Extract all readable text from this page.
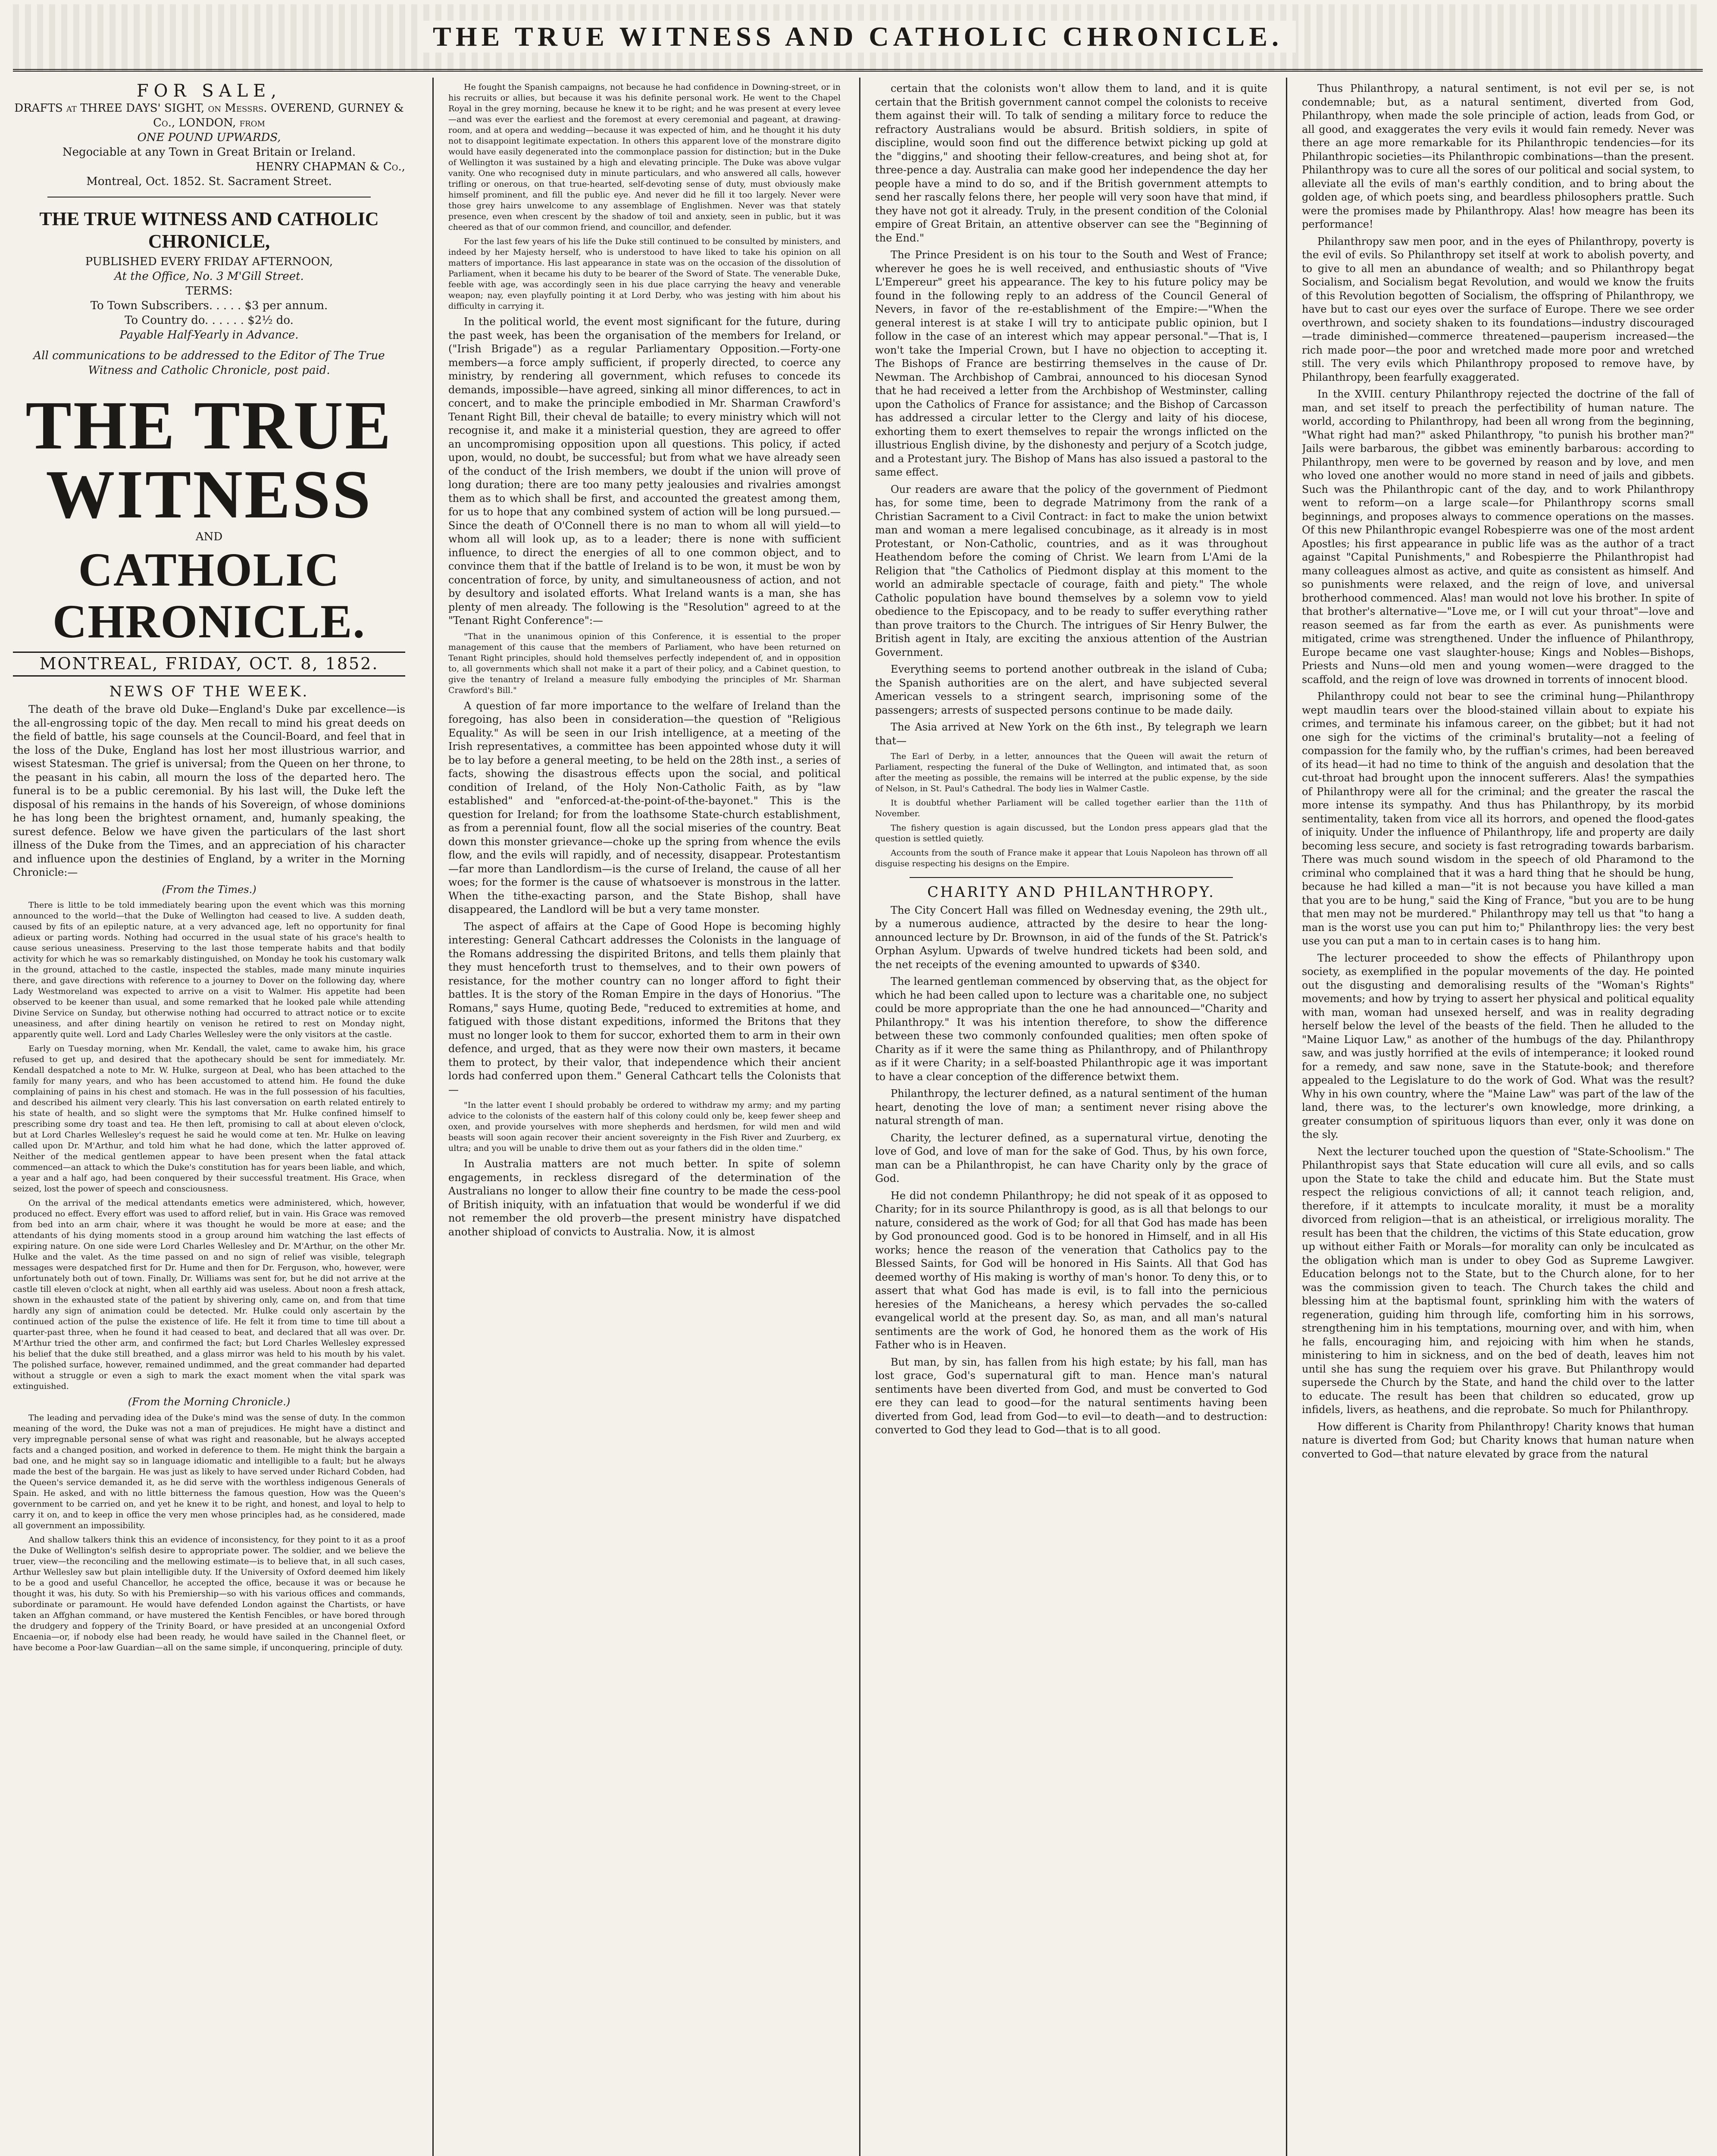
THE TRUE WITNESS AND CATHOLIC CHRONICLE.
FOR SALE,

DRAFTS at THREE DAYS' SIGHT, on Messrs. OVEREND, GURNEY & Co., LONDON, from

ONE POUND UPWARDS,

Negociable at any Town in Great Britain or Ireland.

HENRY CHAPMAN & Co.,

Montreal, Oct. 1852. St. Sacrament Street.

THE TRUE WITNESS AND CATHOLIC CHRONICLE,

PUBLISHED EVERY FRIDAY AFTERNOON,

At the Office, No. 3 M'Gill Street.

TERMS:

To Town Subscribers. . . . . $3 per annum.

To Country do. . . . . . $2½ do.

Payable Half-Yearly in Advance.

All communications to be addressed to the Editor of The True Witness and Catholic Chronicle, post paid.

THE TRUE WITNESS
AND
CATHOLIC CHRONICLE.
MONTREAL, FRIDAY, OCT. 8, 1852.
NEWS OF THE WEEK.

The death of the brave old Duke—England's Duke par excellence—is the all-engrossing topic of the day. Men recall to mind his great deeds on the field of battle, his sage counsels at the Council-Board, and feel that in the loss of the Duke, England has lost her most illustrious warrior, and wisest Statesman. The grief is universal; from the Queen on her throne, to the peasant in his cabin, all mourn the loss of the departed hero. The funeral is to be a public ceremonial. By his last will, the Duke left the disposal of his remains in the hands of his Sovereign, of whose dominions he has long been the brightest ornament, and, humanly speaking, the surest defence. Below we have given the particulars of the last short illness of the Duke from the Times, and an appreciation of his character and influence upon the destinies of England, by a writer in the Morning Chronicle:—

(From the Times.)

There is little to be told immediately bearing upon the event which was this morning announced to the world—that the Duke of Wellington had ceased to live. A sudden death, caused by fits of an epileptic nature, at a very advanced age, left no opportunity for final adieux or parting words. Nothing had occurred in the usual state of his grace's health to cause serious uneasiness. Preserving to the last those temperate habits and that bodily activity for which he was so remarkably distinguished, on Monday he took his customary walk in the ground, attached to the castle, inspected the stables, made many minute inquiries there, and gave directions with reference to a journey to Dover on the following day, where Lady Westmoreland was expected to arrive on a visit to Walmer. His appetite had been observed to be keener than usual, and some remarked that he looked pale while attending Divine Service on Sunday, but otherwise nothing had occurred to attract notice or to excite uneasiness, and after dining heartily on venison he retired to rest on Monday night, apparently quite well. Lord and Lady Charles Wellesley were the only visitors at the castle.

Early on Tuesday morning, when Mr. Kendall, the valet, came to awake him, his grace refused to get up, and desired that the apothecary should be sent for immediately. Mr. Kendall despatched a note to Mr. W. Hulke, surgeon at Deal, who has been attached to the family for many years, and who has been accustomed to attend him. He found the duke complaining of pains in his chest and stomach. He was in the full possession of his faculties, and described his ailment very clearly. This his last conversation on earth related entirely to his state of health, and so slight were the symptoms that Mr. Hulke confined himself to prescribing some dry toast and tea. He then left, promising to call at about eleven o'clock, but at Lord Charles Wellesley's request he said he would come at ten. Mr. Hulke on leaving called upon Dr. M'Arthur, and told him what he had done, which the latter approved of. Neither of the medical gentlemen appear to have been present when the fatal attack commenced—an attack to which the Duke's constitution has for years been liable, and which, a year and a half ago, had been conquered by their successful treatment. His Grace, when seized, lost the power of speech and consciousness.

On the arrival of the medical attendants emetics were administered, which, however, produced no effect. Every effort was used to afford relief, but in vain. His Grace was removed from bed into an arm chair, where it was thought he would be more at ease; and the attendants of his dying moments stood in a group around him watching the last effects of expiring nature. On one side were Lord Charles Wellesley and Dr. M'Arthur, on the other Mr. Hulke and the valet. As the time passed on and no sign of relief was visible, telegraph messages were despatched first for Dr. Hume and then for Dr. Ferguson, who, however, were unfortunately both out of town. Finally, Dr. Williams was sent for, but he did not arrive at the castle till eleven o'clock at night, when all earthly aid was useless. About noon a fresh attack, shown in the exhausted state of the patient by shivering only, came on, and from that time hardly any sign of animation could be detected. Mr. Hulke could only ascertain by the continued action of the pulse the existence of life. He felt it from time to time till about a quarter-past three, when he found it had ceased to beat, and declared that all was over. Dr. M'Arthur tried the other arm, and confirmed the fact; but Lord Charles Wellesley expressed his belief that the duke still breathed, and a glass mirror was held to his mouth by his valet. The polished surface, however, remained undimmed, and the great commander had departed without a struggle or even a sigh to mark the exact moment when the vital spark was extinguished.

(From the Morning Chronicle.)

The leading and pervading idea of the Duke's mind was the sense of duty. In the common meaning of the word, the Duke was not a man of prejudices. He might have a distinct and very impregnable personal sense of what was right and reasonable, but he always accepted facts and a changed position, and worked in deference to them. He might think the bargain a bad one, and he might say so in language idiomatic and intelligible to a fault; but he always made the best of the bargain. He was just as likely to have served under Richard Cobden, had the Queen's service demanded it, as he did serve with the worthless indigenous Generals of Spain. He asked, and with no little bitterness the famous question, How was the Queen's government to be carried on, and yet he knew it to be right, and honest, and loyal to help to carry it on, and to keep in office the very men whose principles had, as he considered, made all government an impossibility.

And shallow talkers think this an evidence of inconsistency, for they point to it as a proof the Duke of Wellington's selfish desire to appropriate power. The soldier, and we believe the truer, view—the reconciling and the mellowing estimate—is to believe that, in all such cases, Arthur Wellesley saw but plain intelligible duty. If the University of Oxford deemed him likely to be a good and useful Chancellor, he accepted the office, because it was or because he thought it was, his duty. So with his Premiership—so with his various offices and commands, subordinate or paramount. He would have defended London against the Chartists, or have taken an Affghan command, or have mustered the Kentish Fencibles, or have bored through the drudgery and foppery of the Trinity Board, or have presided at an uncongenial Oxford Encaenia—or, if nobody else had been ready, he would have sailed in the Channel fleet, or have become a Poor-law Guardian—all on the same simple, if unconquering, principle of duty.

He fought the Spanish campaigns, not because he had confidence in Downing-street, or in his recruits or allies, but because it was his definite personal work. He went to the Chapel Royal in the grey morning, because he knew it to be right; and he was present at every levee—and was ever the earliest and the foremost at every ceremonial and pageant, at drawing-room, and at opera and wedding—because it was expected of him, and he thought it his duty not to disappoint legitimate expectation. In others this apparent love of the monstrare digito would have easily degenerated into the commonplace passion for distinction; but in the Duke of Wellington it was sustained by a high and elevating principle. The Duke was above vulgar vanity. One who recognised duty in minute particulars, and who answered all calls, however trifling or onerous, on that true-hearted, self-devoting sense of duty, must obviously make himself prominent, and fill the public eye. And never did he fill it too largely. Never were those grey hairs unwelcome to any assemblage of Englishmen. Never was that stately presence, even when crescent by the shadow of toil and anxiety, seen in public, but it was cheered as that of our common friend, and councillor, and defender.

For the last few years of his life the Duke still continued to be consulted by ministers, and indeed by her Majesty herself, who is understood to have liked to take his opinion on all matters of importance. His last appearance in state was on the occasion of the dissolution of Parliament, when it became his duty to be bearer of the Sword of State. The venerable Duke, feeble with age, was accordingly seen in his due place carrying the heavy and venerable weapon; nay, even playfully pointing it at Lord Derby, who was jesting with him about his difficulty in carrying it.

In the political world, the event most significant for the future, during the past week, has been the organisation of the members for Ireland, or ("Irish Brigade") as a regular Parliamentary Opposition.—Forty-one members—a force amply sufficient, if properly directed, to coerce any ministry, by rendering all government, which refuses to concede its demands, impossible—have agreed, sinking all minor differences, to act in concert, and to make the principle embodied in Mr. Sharman Crawford's Tenant Right Bill, their cheval de bataille; to every ministry which will not recognise it, and make it a ministerial question, they are agreed to offer an uncompromising opposition upon all questions. This policy, if acted upon, would, no doubt, be successful; but from what we have already seen of the conduct of the Irish members, we doubt if the union will prove of long duration; there are too many petty jealousies and rivalries amongst them as to which shall be first, and accounted the greatest among them, for us to hope that any combined system of action will be long pursued.—Since the death of O'Connell there is no man to whom all will yield—to whom all will look up, as to a leader; there is none with sufficient influence, to direct the energies of all to one common object, and to convince them that if the battle of Ireland is to be won, it must be won by concentration of force, by unity, and simultaneousness of action, and not by desultory and isolated efforts. What Ireland wants is a man, she has plenty of men already. The following is the "Resolution" agreed to at the "Tenant Right Conference":—

"That in the unanimous opinion of this Conference, it is essential to the proper management of this cause that the members of Parliament, who have been returned on Tenant Right principles, should hold themselves perfectly independent of, and in opposition to, all governments which shall not make it a part of their policy, and a Cabinet question, to give the tenantry of Ireland a measure fully embodying the principles of Mr. Sharman Crawford's Bill."

A question of far more importance to the welfare of Ireland than the foregoing, has also been in consideration—the question of "Religious Equality." As will be seen in our Irish intelligence, at a meeting of the Irish representatives, a committee has been appointed whose duty it will be to lay before a general meeting, to be held on the 28th inst., a series of facts, showing the disastrous effects upon the social, and political condition of Ireland, of the Holy Non-Catholic Faith, as by "law established" and "enforced-at-the-point-of-the-bayonet." This is the question for Ireland; for from the loathsome State-church establishment, as from a perennial fount, flow all the social miseries of the country. Beat down this monster grievance—choke up the spring from whence the evils flow, and the evils will rapidly, and of necessity, disappear. Protestantism—far more than Landlordism—is the curse of Ireland, the cause of all her woes; for the former is the cause of whatsoever is monstrous in the latter. When the tithe-exacting parson, and the State Bishop, shall have disappeared, the Landlord will be but a very tame monster.

The aspect of affairs at the Cape of Good Hope is becoming highly interesting: General Cathcart addresses the Colonists in the language of the Romans addressing the dispirited Britons, and tells them plainly that they must henceforth trust to themselves, and to their own powers of resistance, for the mother country can no longer afford to fight their battles. It is the story of the Roman Empire in the days of Honorius. "The Romans," says Hume, quoting Bede, "reduced to extremities at home, and fatigued with those distant expeditions, informed the Britons that they must no longer look to them for succor, exhorted them to arm in their own defence, and urged, that as they were now their own masters, it became them to protect, by their valor, that independence which their ancient lords had conferred upon them." General Cathcart tells the Colonists that—

"In the latter event I should probably be ordered to withdraw my army; and my parting advice to the colonists of the eastern half of this colony could only be, keep fewer sheep and oxen, and provide yourselves with more shepherds and herdsmen, for wild men and wild beasts will soon again recover their ancient sovereignty in the Fish River and Zuurberg, ex ultra; and you will be unable to drive them out as your fathers did in the olden time."

In Australia matters are not much better. In spite of solemn engagements, in reckless disregard of the determination of the Australians no longer to allow their fine country to be made the cess-pool of British iniquity, with an infatuation that would be wonderful if we did not remember the old proverb—the present ministry have dispatched another shipload of convicts to Australia. Now, it is almost

certain that the colonists won't allow them to land, and it is quite certain that the British government cannot compel the colonists to receive them against their will. To talk of sending a military force to reduce the refractory Australians would be absurd. British soldiers, in spite of discipline, would soon find out the difference betwixt picking up gold at the "diggins," and shooting their fellow-creatures, and being shot at, for three-pence a day. Australia can make good her independence the day her people have a mind to do so, and if the British government attempts to send her rascally felons there, her people will very soon have that mind, if they have not got it already. Truly, in the present condition of the Colonial empire of Great Britain, an attentive observer can see the "Beginning of the End."

The Prince President is on his tour to the South and West of France; wherever he goes he is well received, and enthusiastic shouts of "Vive L'Empereur" greet his appearance. The key to his future policy may be found in the following reply to an address of the Council General of Nevers, in favor of the re-establishment of the Empire:—"When the general interest is at stake I will try to anticipate public opinion, but I follow in the case of an interest which may appear personal."—That is, I won't take the Imperial Crown, but I have no objection to accepting it. The Bishops of France are bestirring themselves in the cause of Dr. Newman. The Archbishop of Cambrai, announced to his diocesan Synod that he had received a letter from the Archbishop of Westminster, calling upon the Catholics of France for assistance; and the Bishop of Carcasson has addressed a circular letter to the Clergy and laity of his diocese, exhorting them to exert themselves to repair the wrongs inflicted on the illustrious English divine, by the dishonesty and perjury of a Scotch judge, and a Protestant jury. The Bishop of Mans has also issued a pastoral to the same effect.

Our readers are aware that the policy of the government of Piedmont has, for some time, been to degrade Matrimony from the rank of a Christian Sacrament to a Civil Contract: in fact to make the union betwixt man and woman a mere legalised concubinage, as it already is in most Protestant, or Non-Catholic, countries, and as it was throughout Heathendom before the coming of Christ. We learn from L'Ami de la Religion that "the Catholics of Piedmont display at this moment to the world an admirable spectacle of courage, faith and piety." The whole Catholic population have bound themselves by a solemn vow to yield obedience to the Episcopacy, and to be ready to suffer everything rather than prove traitors to the Church. The intrigues of Sir Henry Bulwer, the British agent in Italy, are exciting the anxious attention of the Austrian Government.

Everything seems to portend another outbreak in the island of Cuba; the Spanish authorities are on the alert, and have subjected several American vessels to a stringent search, imprisoning some of the passengers; arrests of suspected persons continue to be made daily.

The Asia arrived at New York on the 6th inst., By telegraph we learn that—

The Earl of Derby, in a letter, announces that the Queen will await the return of Parliament, respecting the funeral of the Duke of Wellington, and intimated that, as soon after the meeting as possible, the remains will be interred at the public expense, by the side of Nelson, in St. Paul's Cathedral. The body lies in Walmer Castle.

It is doubtful whether Parliament will be called together earlier than the 11th of November.

The fishery question is again discussed, but the London press appears glad that the question is settled quietly.

Accounts from the south of France make it appear that Louis Napoleon has thrown off all disguise respecting his designs on the Empire.

CHARITY AND PHILANTHROPY.

The City Concert Hall was filled on Wednesday evening, the 29th ult., by a numerous audience, attracted by the desire to hear the long-announced lecture by Dr. Brownson, in aid of the funds of the St. Patrick's Orphan Asylum. Upwards of twelve hundred tickets had been sold, and the net receipts of the evening amounted to upwards of $340.

The learned gentleman commenced by observing that, as the object for which he had been called upon to lecture was a charitable one, no subject could be more appropriate than the one he had announced—"Charity and Philanthropy." It was his intention therefore, to show the difference between these two commonly confounded qualities; men often spoke of Charity as if it were the same thing as Philanthropy, and of Philanthropy as if it were Charity; in a self-boasted Philanthropic age it was important to have a clear conception of the difference betwixt them.

Philanthropy, the lecturer defined, as a natural sentiment of the human heart, denoting the love of man; a sentiment never rising above the natural strength of man.

Charity, the lecturer defined, as a supernatural virtue, denoting the love of God, and love of man for the sake of God. Thus, by his own force, man can be a Philanthropist, he can have Charity only by the grace of God.

He did not condemn Philanthropy; he did not speak of it as opposed to Charity; for in its source Philanthropy is good, as is all that belongs to our nature, considered as the work of God; for all that God has made has been by God pronounced good. God is to be honored in Himself, and in all His works; hence the reason of the veneration that Catholics pay to the Blessed Saints, for God will be honored in His Saints. All that God has deemed worthy of His making is worthy of man's honor. To deny this, or to assert that what God has made is evil, is to fall into the pernicious heresies of the Manicheans, a heresy which pervades the so-called evangelical world at the present day. So, as man, and all man's natural sentiments are the work of God, he honored them as the work of His Father who is in Heaven.

But man, by sin, has fallen from his high estate; by his fall, man has lost grace, God's supernatural gift to man. Hence man's natural sentiments have been diverted from God, and must be converted to God ere they can lead to good—for the natural sentiments having been diverted from God, lead from God—to evil—to death—and to destruction: converted to God they lead to God—that is to all good.

Thus Philanthropy, a natural sentiment, is not evil per se, is not condemnable; but, as a natural sentiment, diverted from God, Philanthropy, when made the sole principle of action, leads from God, or all good, and exaggerates the very evils it would fain remedy. Never was there an age more remarkable for its Philanthropic tendencies—for its Philanthropic societies—its Philanthropic combinations—than the present. Philanthropy was to cure all the sores of our political and social system, to alleviate all the evils of man's earthly condition, and to bring about the golden age, of which poets sing, and beardless philosophers prattle. Such were the promises made by Philanthropy. Alas! how meagre has been its performance!

Philanthropy saw men poor, and in the eyes of Philanthropy, poverty is the evil of evils. So Philanthropy set itself at work to abolish poverty, and to give to all men an abundance of wealth; and so Philanthropy begat Socialism, and Socialism begat Revolution, and would we know the fruits of this Revolution begotten of Socialism, the offspring of Philanthropy, we have but to cast our eyes over the surface of Europe. There we see order overthrown, and society shaken to its foundations—industry discouraged—trade diminished—commerce threatened—pauperism increased—the rich made poor—the poor and wretched made more poor and wretched still. The very evils which Philanthropy proposed to remove have, by Philanthropy, been fearfully exaggerated.

In the XVIII. century Philanthropy rejected the doctrine of the fall of man, and set itself to preach the perfectibility of human nature. The world, according to Philanthropy, had been all wrong from the beginning, "What right had man?" asked Philanthropy, "to punish his brother man?" Jails were barbarous, the gibbet was eminently barbarous: according to Philanthropy, men were to be governed by reason and by love, and men who loved one another would no more stand in need of jails and gibbets. Such was the Philanthropic cant of the day, and to work Philanthropy went to reform—on a large scale—for Philanthropy scorns small beginnings, and proposes always to commence operations on the masses. Of this new Philanthropic evangel Robespierre was one of the most ardent Apostles; his first appearance in public life was as the author of a tract against "Capital Punishments," and Robespierre the Philanthropist had many colleagues almost as active, and quite as consistent as himself. And so punishments were relaxed, and the reign of love, and universal brotherhood commenced. Alas! man would not love his brother. In spite of that brother's alternative—"Love me, or I will cut your throat"—love and reason seemed as far from the earth as ever. As punishments were mitigated, crime was strengthened. Under the influence of Philanthropy, Europe became one vast slaughter-house; Kings and Nobles—Bishops, Priests and Nuns—old men and young women—were dragged to the scaffold, and the reign of love was drowned in torrents of innocent blood.

Philanthropy could not bear to see the criminal hung—Philanthropy wept maudlin tears over the blood-stained villain about to expiate his crimes, and terminate his infamous career, on the gibbet; but it had not one sigh for the victims of the criminal's brutality—not a feeling of compassion for the family who, by the ruffian's crimes, had been bereaved of its head—it had no time to think of the anguish and desolation that the cut-throat had brought upon the innocent sufferers. Alas! the sympathies of Philanthropy were all for the criminal; and the greater the rascal the more intense its sympathy. And thus has Philanthropy, by its morbid sentimentality, taken from vice all its horrors, and opened the flood-gates of iniquity. Under the influence of Philanthropy, life and property are daily becoming less secure, and society is fast retrograding towards barbarism. There was much sound wisdom in the speech of old Pharamond to the criminal who complained that it was a hard thing that he should be hung, because he had killed a man—"it is not because you have killed a man that you are to be hung," said the King of France, "but you are to be hung that men may not be murdered." Philanthropy may tell us that "to hang a man is the worst use you can put him to;" Philanthropy lies: the very best use you can put a man to in certain cases is to hang him.

The lecturer proceeded to show the effects of Philanthropy upon society, as exemplified in the popular movements of the day. He pointed out the disgusting and demoralising results of the "Woman's Rights" movements; and how by trying to assert her physical and political equality with man, woman had unsexed herself, and was in reality degrading herself below the level of the beasts of the field. Then he alluded to the "Maine Liquor Law," as another of the humbugs of the day. Philanthropy saw, and was justly horrified at the evils of intemperance; it looked round for a remedy, and saw none, save in the Statute-book; and therefore appealed to the Legislature to do the work of God. What was the result? Why in his own country, where the "Maine Law" was part of the law of the land, there was, to the lecturer's own knowledge, more drinking, a greater consumption of spirituous liquors than ever, only it was done on the sly.

Next the lecturer touched upon the question of "State-Schoolism." The Philanthropist says that State education will cure all evils, and so calls upon the State to take the child and educate him. But the State must respect the religious convictions of all; it cannot teach religion, and, therefore, if it attempts to inculcate morality, it must be a morality divorced from religion—that is an atheistical, or irreligious morality. The result has been that the children, the victims of this State education, grow up without either Faith or Morals—for morality can only be inculcated as the obligation which man is under to obey God as Supreme Lawgiver. Education belongs not to the State, but to the Church alone, for to her was the commission given to teach. The Church takes the child and blessing him at the baptismal fount, sprinkling him with the waters of regeneration, guiding him through life, comforting him in his sorrows, strengthening him in his temptations, mourning over, and with him, when he falls, encouraging him, and rejoicing with him when he stands, ministering to him in sickness, and on the bed of death, leaves him not until she has sung the requiem over his grave. But Philanthropy would supersede the Church by the State, and hand the child over to the latter to educate. The result has been that children so educated, grow up infidels, livers, as heathens, and die reprobate. So much for Philanthropy.

How different is Charity from Philanthropy! Charity knows that human nature is diverted from God; but Charity knows that human nature when converted to God—that nature elevated by grace from the natural
